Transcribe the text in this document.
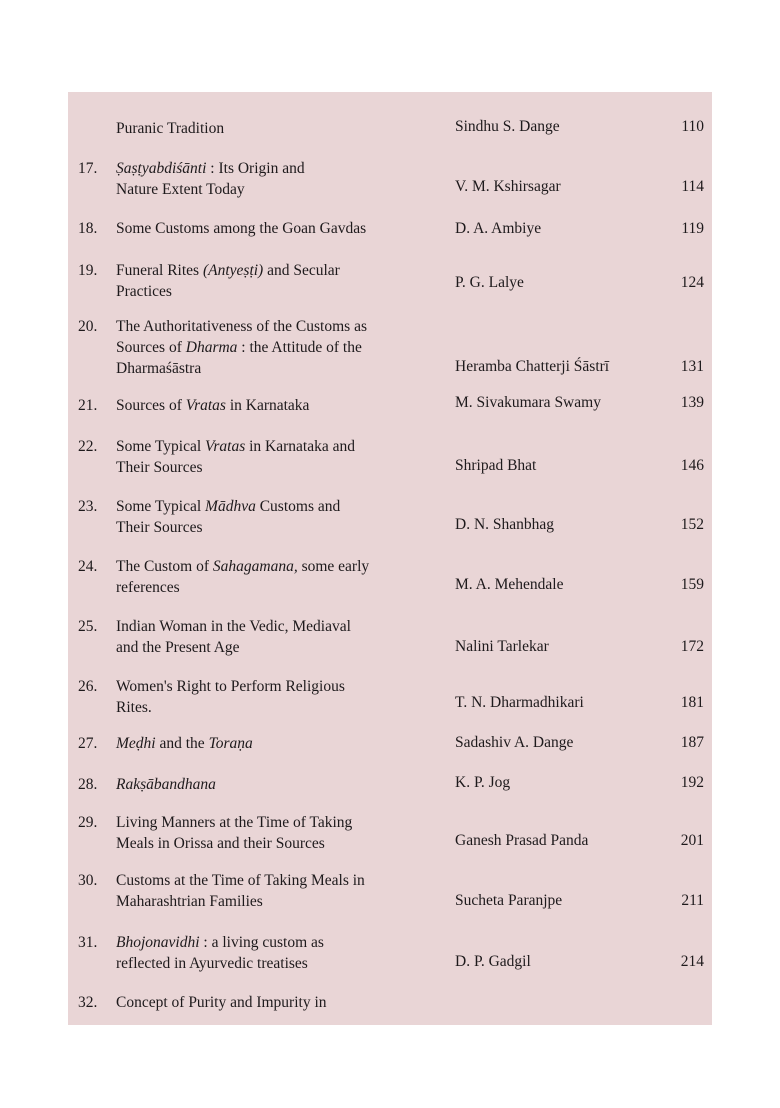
Puranic Tradition	Sindhu S. Dange	110
17. Ṣaṣṭyabdiśānti : Its Origin and
Nature Extent Today	V. M. Kshirsagar	114
18. Some Customs among the Goan Gavdas	D. A. Ambiye	119
19. Funeral Rites (Antyeṣṭi) and Secular
Practices
P. G. Lalye	124
20. The Authoritativeness of the Customs as
Sources of Dharma : the Attitude of the
Dharmaśāstra	Heramba Chatterji Śāstrī	131
21. Sources of Vratas in Karnataka	M. Sivakumara Swamy	139
22. Some Typical Vratas in Karnataka and
Their Sources	Shripad Bhat	146
23. Some Typical Mādhva Customs and
Their Sources	D. N. Shanbhag	152
24. The Custom of Sahagamana, some early
references	M. A. Mehendale	159
25. Indian Woman in the Vedic, Mediaval
and the Present Age	Nalini Tarlekar	172
26. Women's Right to Perform Religious
Rites.	T. N. Dharmadhikari	181
27. Meḍhi and the Toraṇa	Sadashiv A. Dange	187
28. Rakṣābandhana	K. P. Jog	192
29. Living Manners at the Time of Taking
Meals in Orissa and their Sources	Ganesh Prasad Panda	201
30. Customs at the Time of Taking Meals in
Maharashtrian Families	Sucheta Paranjpe	211
31. Bhojonavidhi : a living custom as
reflected in Ayurvedic treatises	D. P. Gadgil	214
32. Concept of Purity and Impurity in
